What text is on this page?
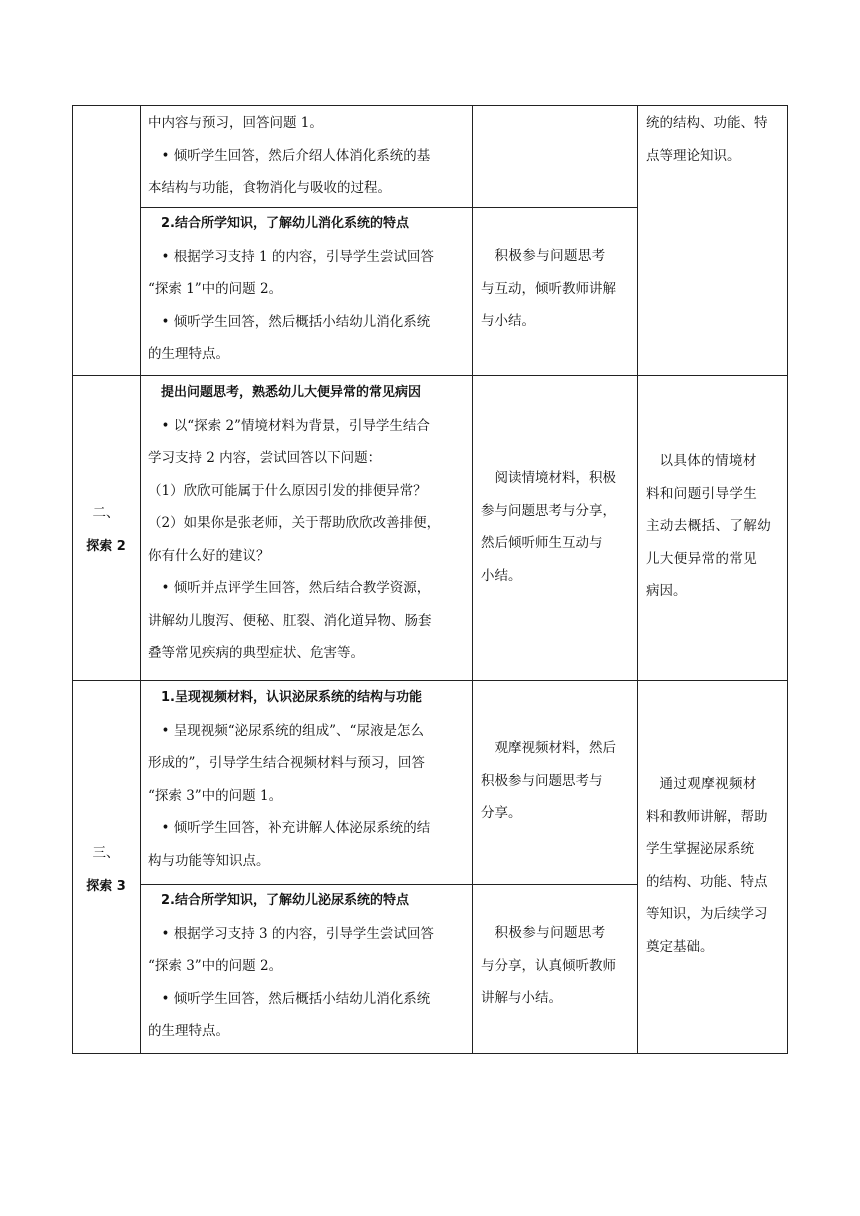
中内容与预习，回答问题 1。

• 倾听学生回答，然后介绍人体消化系统的基

本结构与功能，食物消化与吸收的过程。

2.结合所学知识，了解幼儿消化系统的特点

• 根据学习支持 1 的内容，引导学生尝试回答

“探索 1”中的问题 2。

• 倾听学生回答，然后概括小结幼儿消化系统

的生理特点。

积极参与问题思考

与互动，倾听教师讲解

与小结。

统的结构、功能、特

点等理论知识。

二、
探索 2

提出问题思考，熟悉幼儿大便异常的常见病因

• 以“探索 2”情境材料为背景，引导学生结合

学习支持 2 内容，尝试回答以下问题：

（1）欣欣可能属于什么原因引发的排便异常？

（2）如果你是张老师，关于帮助欣欣改善排便，

你有什么好的建议？

• 倾听并点评学生回答，然后结合教学资源，

讲解幼儿腹泻、便秘、肛裂、消化道异物、肠套

叠等常见疾病的典型症状、危害等。

阅读情境材料，积极

参与问题思考与分享，

然后倾听师生互动与

小结。

以具体的情境材

料和问题引导学生

主动去概括、了解幼

儿大便异常的常见

病因。

三、
探索 3

1.呈现视频材料，认识泌尿系统的结构与功能

• 呈现视频“泌尿系统的组成”、“尿液是怎么

形成的”，引导学生结合视频材料与预习，回答

“探索 3”中的问题 1。

• 倾听学生回答，补充讲解人体泌尿系统的结

构与功能等知识点。

观摩视频材料，然后

积极参与问题思考与

分享。

2.结合所学知识，了解幼儿泌尿系统的特点

• 根据学习支持 3 的内容，引导学生尝试回答

“探索 3”中的问题 2。

• 倾听学生回答，然后概括小结幼儿消化系统

的生理特点。

积极参与问题思考

与分享，认真倾听教师

讲解与小结。

通过观摩视频材

料和教师讲解，帮助

学生掌握泌尿系统

的结构、功能、特点

等知识，为后续学习

奠定基础。
